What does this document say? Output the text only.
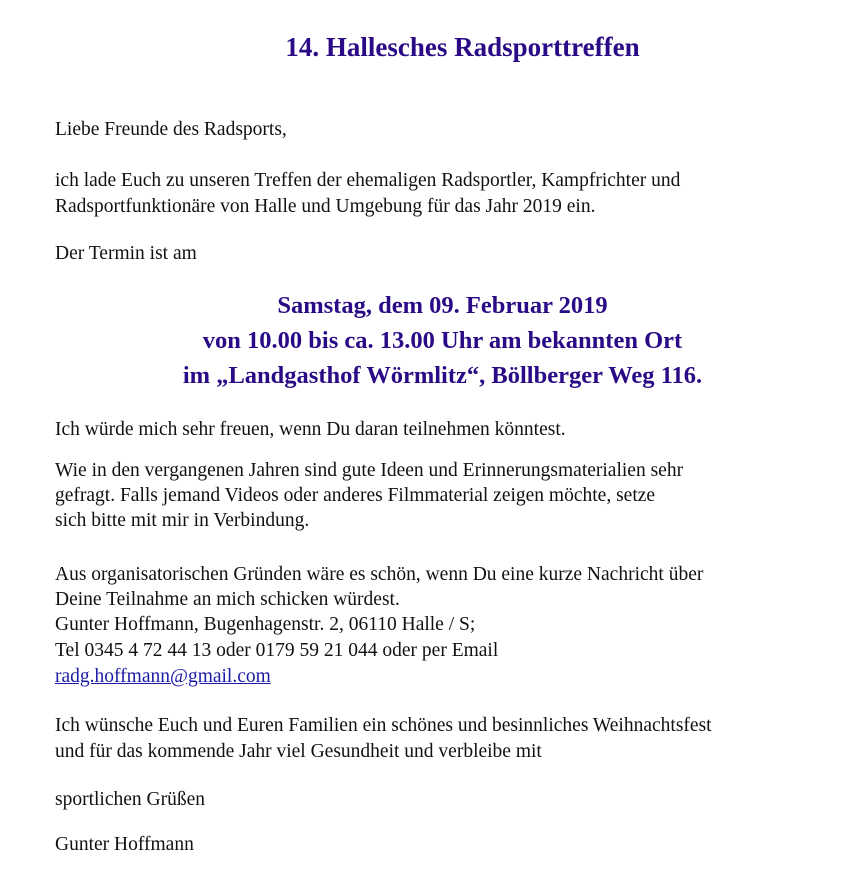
14. Hallesches Radsporttreffen
Liebe Freunde des Radsports,
ich lade Euch zu unseren Treffen der ehemaligen Radsportler, Kampfrichter und
Radsportfunktionäre von Halle und Umgebung für das Jahr 2019 ein.
Der Termin ist am
Samstag, dem 09. Februar 2019
von 10.00 bis ca. 13.00 Uhr am bekannten Ort
im „Landgasthof Wörmlitz“, Böllberger Weg 116.
Ich würde mich sehr freuen, wenn Du daran teilnehmen könntest.
Wie in den vergangenen Jahren sind gute Ideen und Erinnerungsmaterialien sehr
gefragt. Falls jemand Videos oder anderes Filmmaterial zeigen möchte, setze
sich bitte mit mir in Verbindung.
Aus organisatorischen Gründen wäre es schön, wenn Du eine kurze Nachricht über
Deine Teilnahme an mich schicken würdest.
Gunter Hoffmann, Bugenhagenstr. 2, 06110 Halle / S;
Tel 0345 4 72 44 13 oder 0179 59 21 044 oder per Email
radg.hoffmann@gmail.com
Ich wünsche Euch und Euren Familien ein schönes und besinnliches Weihnachtsfest
und für das kommende Jahr viel Gesundheit und verbleibe mit
sportlichen Grüßen
Gunter Hoffmann
